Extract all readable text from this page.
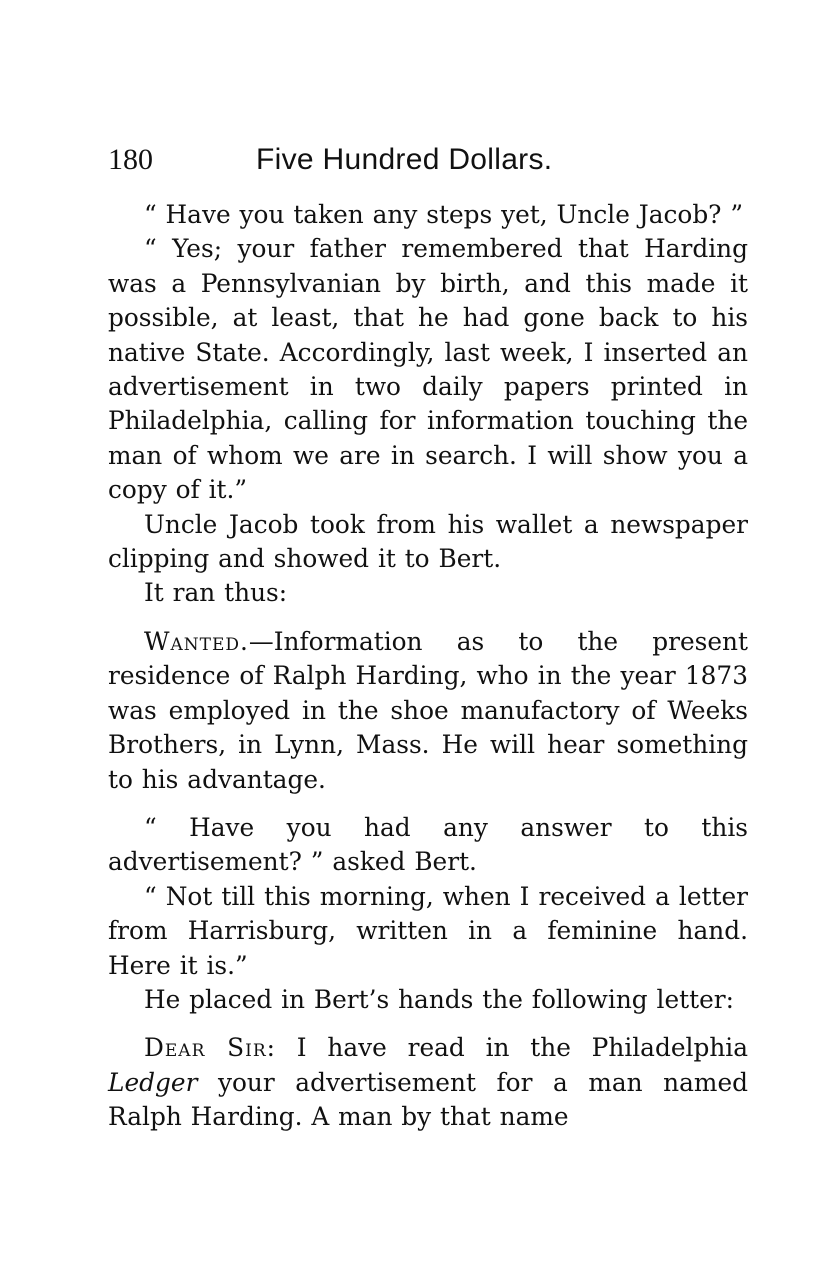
180	Five Hundred Dollars.

“ Have you taken any steps yet, Uncle Jacob? ”

“ Yes; your father remembered that Harding was a Pennsylvanian by birth, and this made it possible, at least, that he had gone back to his native State. Accordingly, last week, I inserted an advertisement in two daily papers printed in Philadelphia, calling for information touching the man of whom we are in search. I will show you a copy of it.”

Uncle Jacob took from his wallet a newspaper clipping and showed it to Bert.

It ran thus:

Wanted.—Information as to the present residence of Ralph Harding, who in the year 1873 was employed in the shoe manufactory of Weeks Brothers, in Lynn, Mass. He will hear something to his advantage.

“ Have you had any answer to this advertisement? ” asked Bert.

“ Not till this morning, when I received a letter from Harrisburg, written in a feminine hand. Here it is.”

He placed in Bert’s hands the following letter:

Dear Sir: I have read in the Philadelphia Ledger your advertisement for a man named Ralph Harding. A man by that name
